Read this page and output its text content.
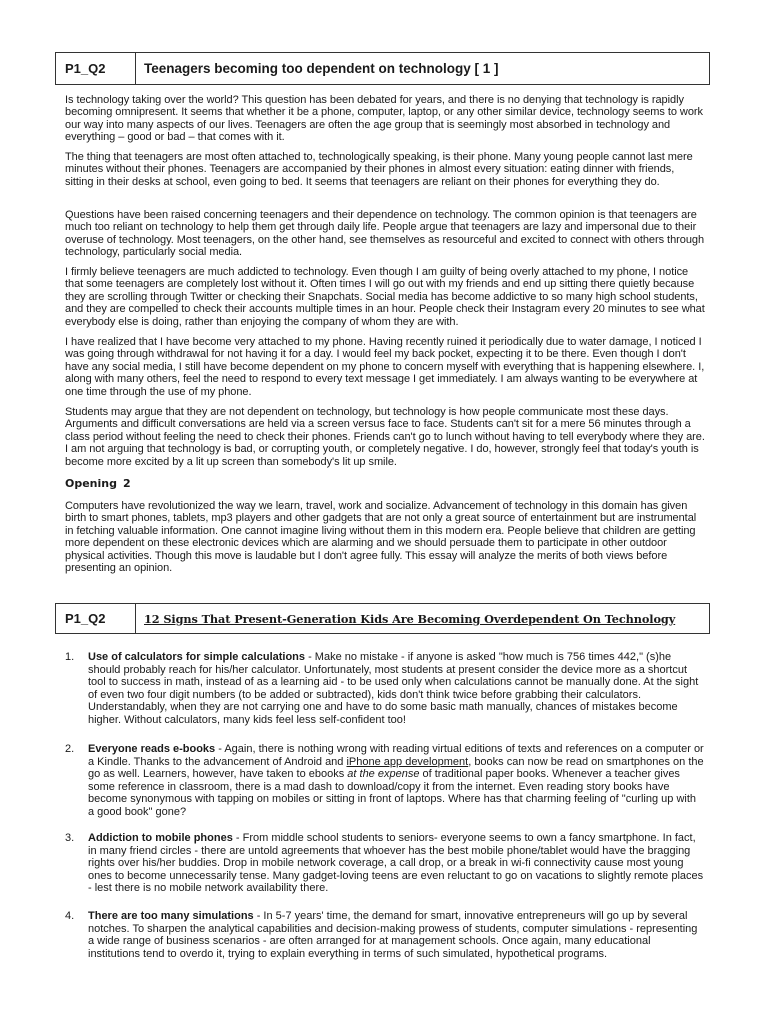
P1_Q2	Teenagers becoming too dependent on technology [ 1 ]

Is technology taking over the world? This question has been debated for years, and there is no denying that technology is rapidly becoming omnipresent. It seems that whether it be a phone, computer, laptop, or any other similar device, technology seems to work our way into many aspects of our lives. Teenagers are often the age group that is seemingly most absorbed in technology and everything – good or bad – that comes with it.

The thing that teenagers are most often attached to, technologically speaking, is their phone. Many young people cannot last mere minutes without their phones. Teenagers are accompanied by their phones in almost every situation: eating dinner with friends, sitting in their desks at school, even going to bed. It seems that teenagers are reliant on their phones for everything they do.

Questions have been raised concerning teenagers and their dependence on technology. The common opinion is that teenagers are much too reliant on technology to help them get through daily life. People argue that teenagers are lazy and impersonal due to their overuse of technology. Most teenagers, on the other hand, see themselves as resourceful and excited to connect with others through technology, particularly social media.

I firmly believe teenagers are much addicted to technology. Even though I am guilty of being overly attached to my phone, I notice that some teenagers are completely lost without it. Often times I will go out with my friends and end up sitting there quietly because they are scrolling through Twitter or checking their Snapchats. Social media has become addictive to so many high school students, and they are compelled to check their accounts multiple times in an hour. People check their Instagram every 20 minutes to see what everybody else is doing, rather than enjoying the company of whom they are with.

I have realized that I have become very attached to my phone. Having recently ruined it periodically due to water damage, I noticed I was going through withdrawal for not having it for a day. I would feel my back pocket, expecting it to be there. Even though I don't have any social media, I still have become dependent on my phone to concern myself with everything that is happening elsewhere. I, along with many others, feel the need to respond to every text message I get immediately. I am always wanting to be everywhere at one time through the use of my phone.

Students may argue that they are not dependent on technology, but technology is how people communicate most these days. Arguments and difficult conversations are held via a screen versus face to face. Students can't sit for a mere 56 minutes through a class period without feeling the need to check their phones. Friends can't go to lunch without having to tell everybody where they are. I am not arguing that technology is bad, or corrupting youth, or completely negative. I do, however, strongly feel that today's youth is become more excited by a lit up screen than somebody's lit up smile.

Opening 2

Computers have revolutionized the way we learn, travel, work and socialize. Advancement of technology in this domain has given birth to smart phones, tablets, mp3 players and other gadgets that are not only a great source of entertainment but are instrumental in fetching valuable information. One cannot imagine living without them in this modern era. People believe that children are getting more dependent on these electronic devices which are alarming and we should persuade them to participate in other outdoor physical activities. Though this move is laudable but I don't agree fully. This essay will analyze the merits of both views before presenting an opinion.

P1_Q2	12 Signs That Present-Generation Kids Are Becoming Overdependent On Technology
1.	Use of calculators for simple calculations - Make no mistake - if anyone is asked "how much is 756 times 442," (s)he should probably reach for his/her calculator. Unfortunately, most students at present consider the device more as a shortcut tool to success in math, instead of as a learning aid - to be used only when calculations cannot be manually done. At the sight of even two four digit numbers (to be added or subtracted), kids don't think twice before grabbing their calculators. Understandably, when they are not carrying one and have to do some basic math manually, chances of mistakes become higher. Without calculators, many kids feel less self-confident too!
2.	Everyone reads e-books - Again, there is nothing wrong with reading virtual editions of texts and references on a computer or a Kindle. Thanks to the advancement of Android and iPhone app development, books can now be read on smartphones on the go as well. Learners, however, have taken to ebooks at the expense of traditional paper books. Whenever a teacher gives some reference in classroom, there is a mad dash to download/copy it from the internet. Even reading story books have become synonymous with tapping on mobiles or sitting in front of laptops. Where has that charming feeling of "curling up with a good book" gone?
3.	Addiction to mobile phones - From middle school students to seniors- everyone seems to own a fancy smartphone. In fact, in many friend circles - there are untold agreements that whoever has the best mobile phone/tablet would have the bragging rights over his/her buddies. Drop in mobile network coverage, a call drop, or a break in wi-fi connectivity cause most young ones to become unnecessarily tense. Many gadget-loving teens are even reluctant to go on vacations to slightly remote places - lest there is no mobile network availability there.
4.	There are too many simulations - In 5-7 years' time, the demand for smart, innovative entrepreneurs will go up by several notches. To sharpen the analytical capabilities and decision-making prowess of students, computer simulations - representing a wide range of business scenarios - are often arranged for at management schools. Once again, many educational institutions tend to overdo it, trying to explain everything in terms of such simulated, hypothetical programs.
